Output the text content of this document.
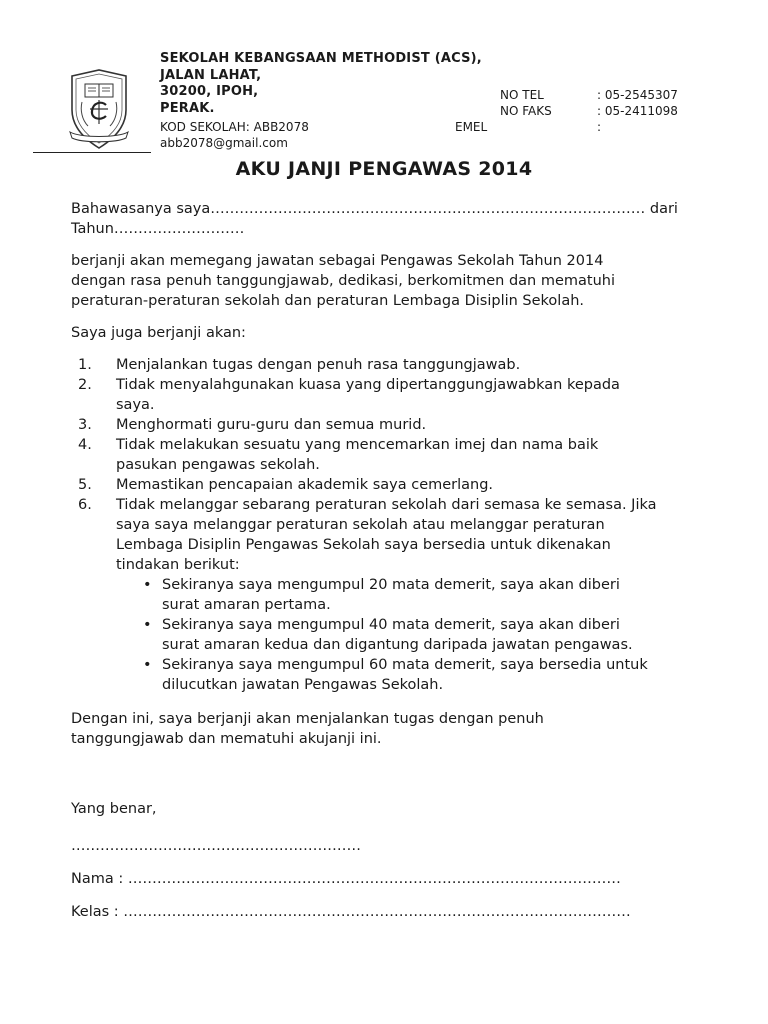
SEKOLAH KEBANGSAAN METHODIST (ACS),
JALAN LAHAT,
30200, IPOH,
PERAK.
KOD SEKOLAH: ABB2078
abb2078@gmail.com
NO TEL	: 05-2545307
NO FAKS	: 05-2411098
EMEL	:
AKU JANJI PENGAWAS 2014

Bahawasanya saya……………………………………………………………………………… dari

Tahun………………………

berjanji akan memegang jawatan sebagai Pengawas Sekolah Tahun 2014

dengan rasa penuh tanggungjawab, dedikasi, berkomitmen dan mematuhi

peraturan-peraturan sekolah dan peraturan Lembaga Disiplin Sekolah.

Saya juga berjanji akan:

1. Menjalankan tugas dengan penuh rasa tanggungjawab.
2. Tidak menyalahgunakan kuasa yang dipertanggungjawabkan kepada
saya.
3. Menghormati guru-guru dan semua murid.
4. Tidak melakukan sesuatu yang mencemarkan imej dan nama baik
pasukan pengawas sekolah.
5. Memastikan pencapaian akademik saya cemerlang.
6. Tidak melanggar sebarang peraturan sekolah dari semasa ke semasa. Jika
saya saya melanggar peraturan sekolah atau melanggar peraturan
Lembaga Disiplin Pengawas Sekolah saya bersedia untuk dikenakan
tindakan berikut:
• Sekiranya saya mengumpul 20 mata demerit, saya akan diberi
surat amaran pertama.
• Sekiranya saya mengumpul 40 mata demerit, saya akan diberi
surat amaran kedua dan digantung daripada jawatan pengawas.
• Sekiranya saya mengumpul 60 mata demerit, saya bersedia untuk
dilucutkan jawatan Pengawas Sekolah.

Dengan ini, saya berjanji akan menjalankan tugas dengan penuh

tanggungjawab dan mematuhi akujanji ini.

Yang benar,
……………………………………………………
Nama : …………………………………………………………………………………………
Kelas : ……………………………………………………………………………………………
